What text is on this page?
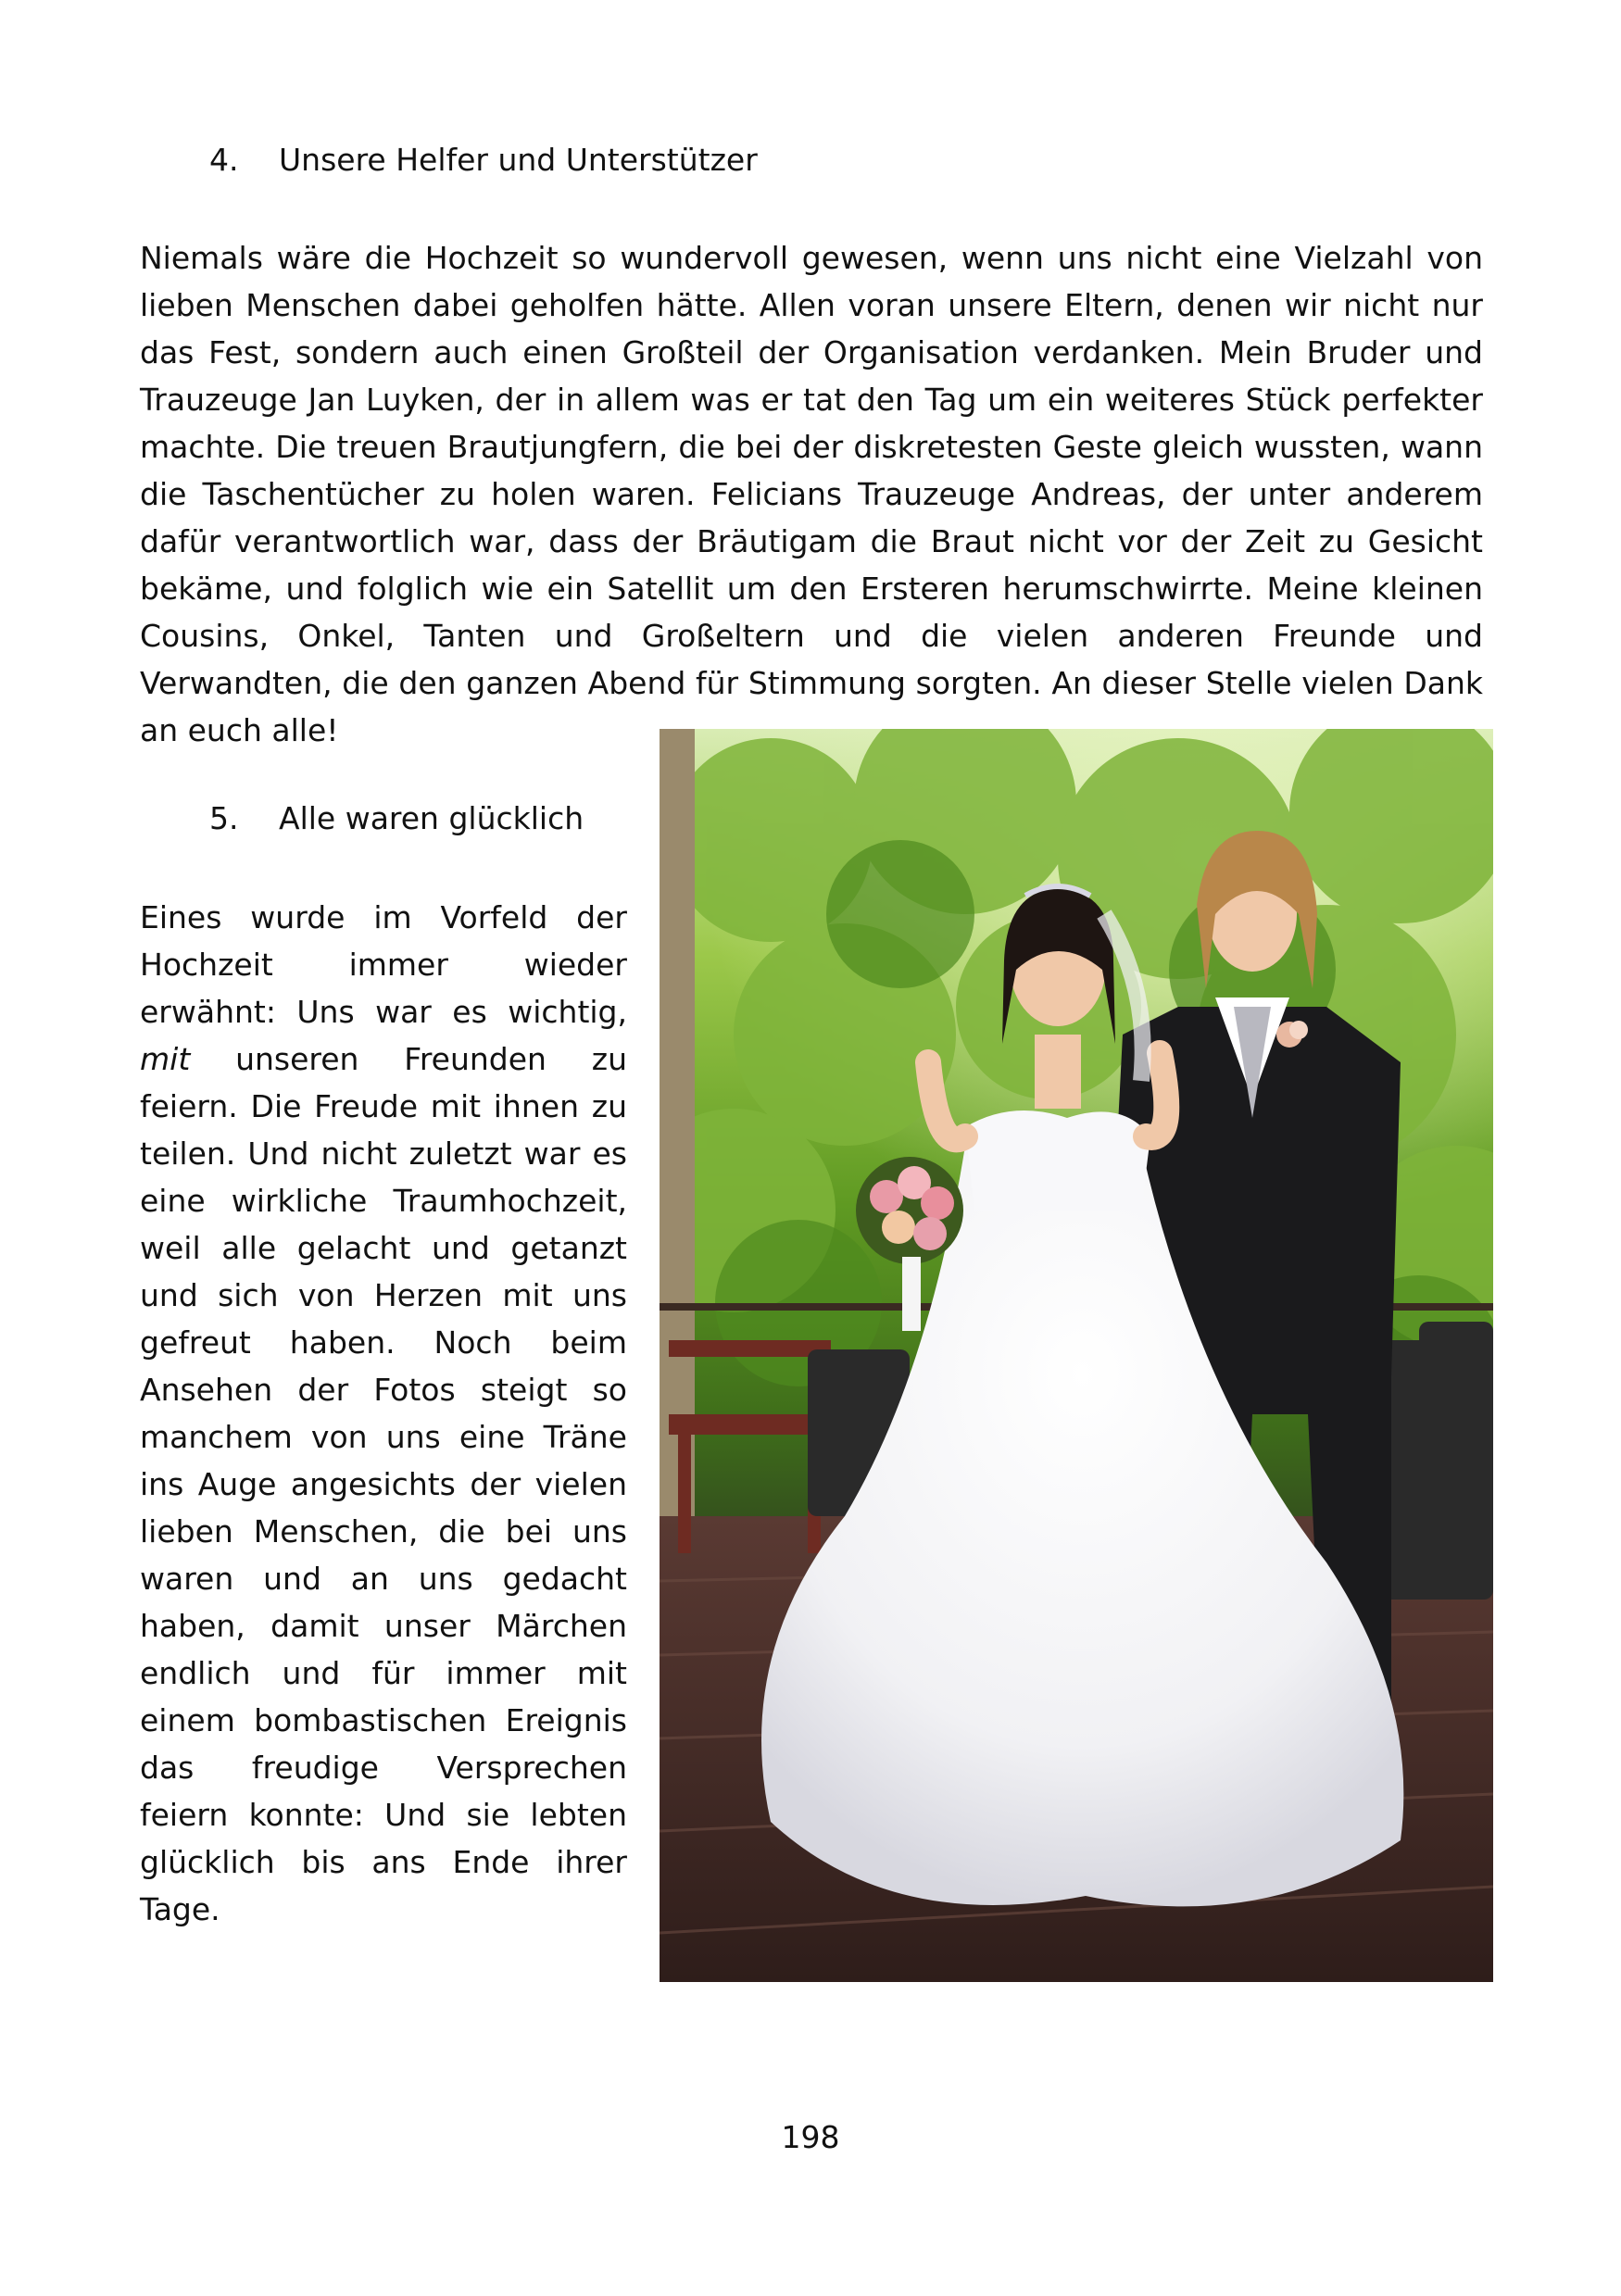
4. Unsere Helfer und Unterstützer

Niemals wäre die Hochzeit so wundervoll gewesen, wenn uns nicht eine Vielzahl von lieben Menschen dabei geholfen hätte. Allen voran unsere Eltern, denen wir nicht nur das Fest, sondern auch einen Großteil der Organisation verdanken. Mein Bruder und Trauzeuge Jan Luyken, der in allem was er tat den Tag um ein weiteres Stück perfekter machte. Die treuen Brautjungfern, die bei der diskretesten Geste gleich wussten, wann die Taschentücher zu holen waren. Felicians Trauzeuge Andreas, der unter anderem dafür verantwortlich war, dass der Bräutigam die Braut nicht vor der Zeit zu Gesicht bekäme, und folglich wie ein Satellit um den Ersteren herumschwirrte. Meine kleinen Cousins, Onkel, Tanten und Großeltern und die vielen anderen Freunde und Verwandten, die den ganzen Abend für Stimmung sorgten. An dieser Stelle vielen Dank an euch alle!

5. Alle waren glücklich

Eines wurde im Vorfeld der Hochzeit immer wieder erwähnt: Uns war es wichtig, mit unseren Freunden zu feiern. Die Freude mit ihnen zu teilen. Und nicht zuletzt war es eine wirkliche Traumhochzeit, weil alle gelacht und getanzt und sich von Herzen mit uns gefreut haben. Noch beim Ansehen der Fotos steigt so manchem von uns eine Träne ins Auge angesichts der vielen lieben Menschen, die bei uns waren und an uns gedacht haben, damit unser Märchen endlich und für immer mit einem bombastischen Ereignis das freudige Versprechen feiern konnte: Und sie lebten glücklich bis ans Ende ihrer Tage.

198
